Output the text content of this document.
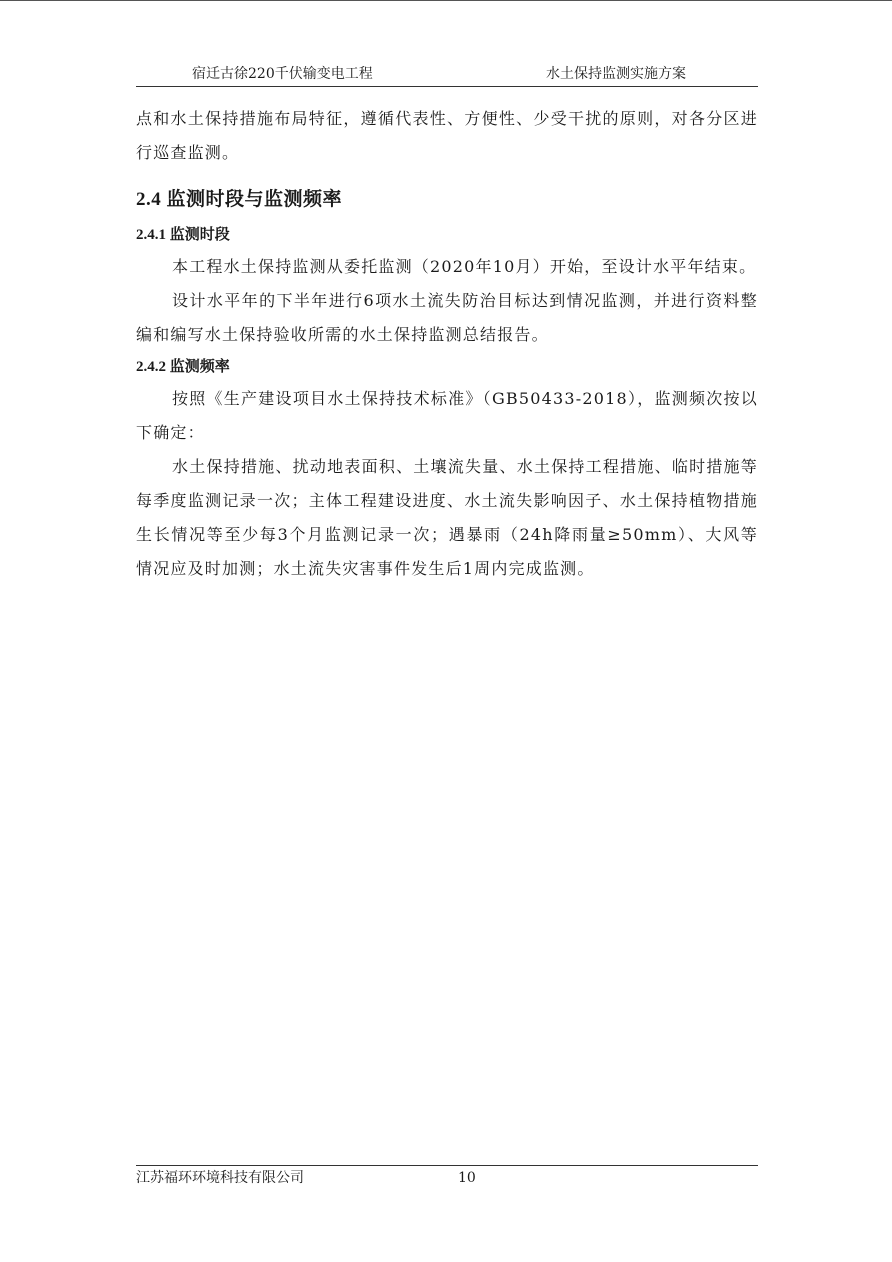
宿迁古徐220千伏输变电工程	水土保持监测实施方案

点和水土保持措施布局特征，遵循代表性、方便性、少受干扰的原则，对各分区进行巡查监测。

2.4 监测时段与监测频率
2.4.1 监测时段

本工程水土保持监测从委托监测（2020年10月）开始，至设计水平年结束。

设计水平年的下半年进行6项水土流失防治目标达到情况监测，并进行资料整编和编写水土保持验收所需的水土保持监测总结报告。

2.4.2 监测频率

按照《生产建设项目水土保持技术标准》（GB50433-2018），监测频次按以下确定：

水土保持措施、扰动地表面积、土壤流失量、水土保持工程措施、临时措施等每季度监测记录一次；主体工程建设进度、水土流失影响因子、水土保持植物措施生长情况等至少每3个月监测记录一次；遇暴雨（24h降雨量≥50mm）、大风等情况应及时加测；水土流失灾害事件发生后1周内完成监测。

江苏福环环境科技有限公司	10
